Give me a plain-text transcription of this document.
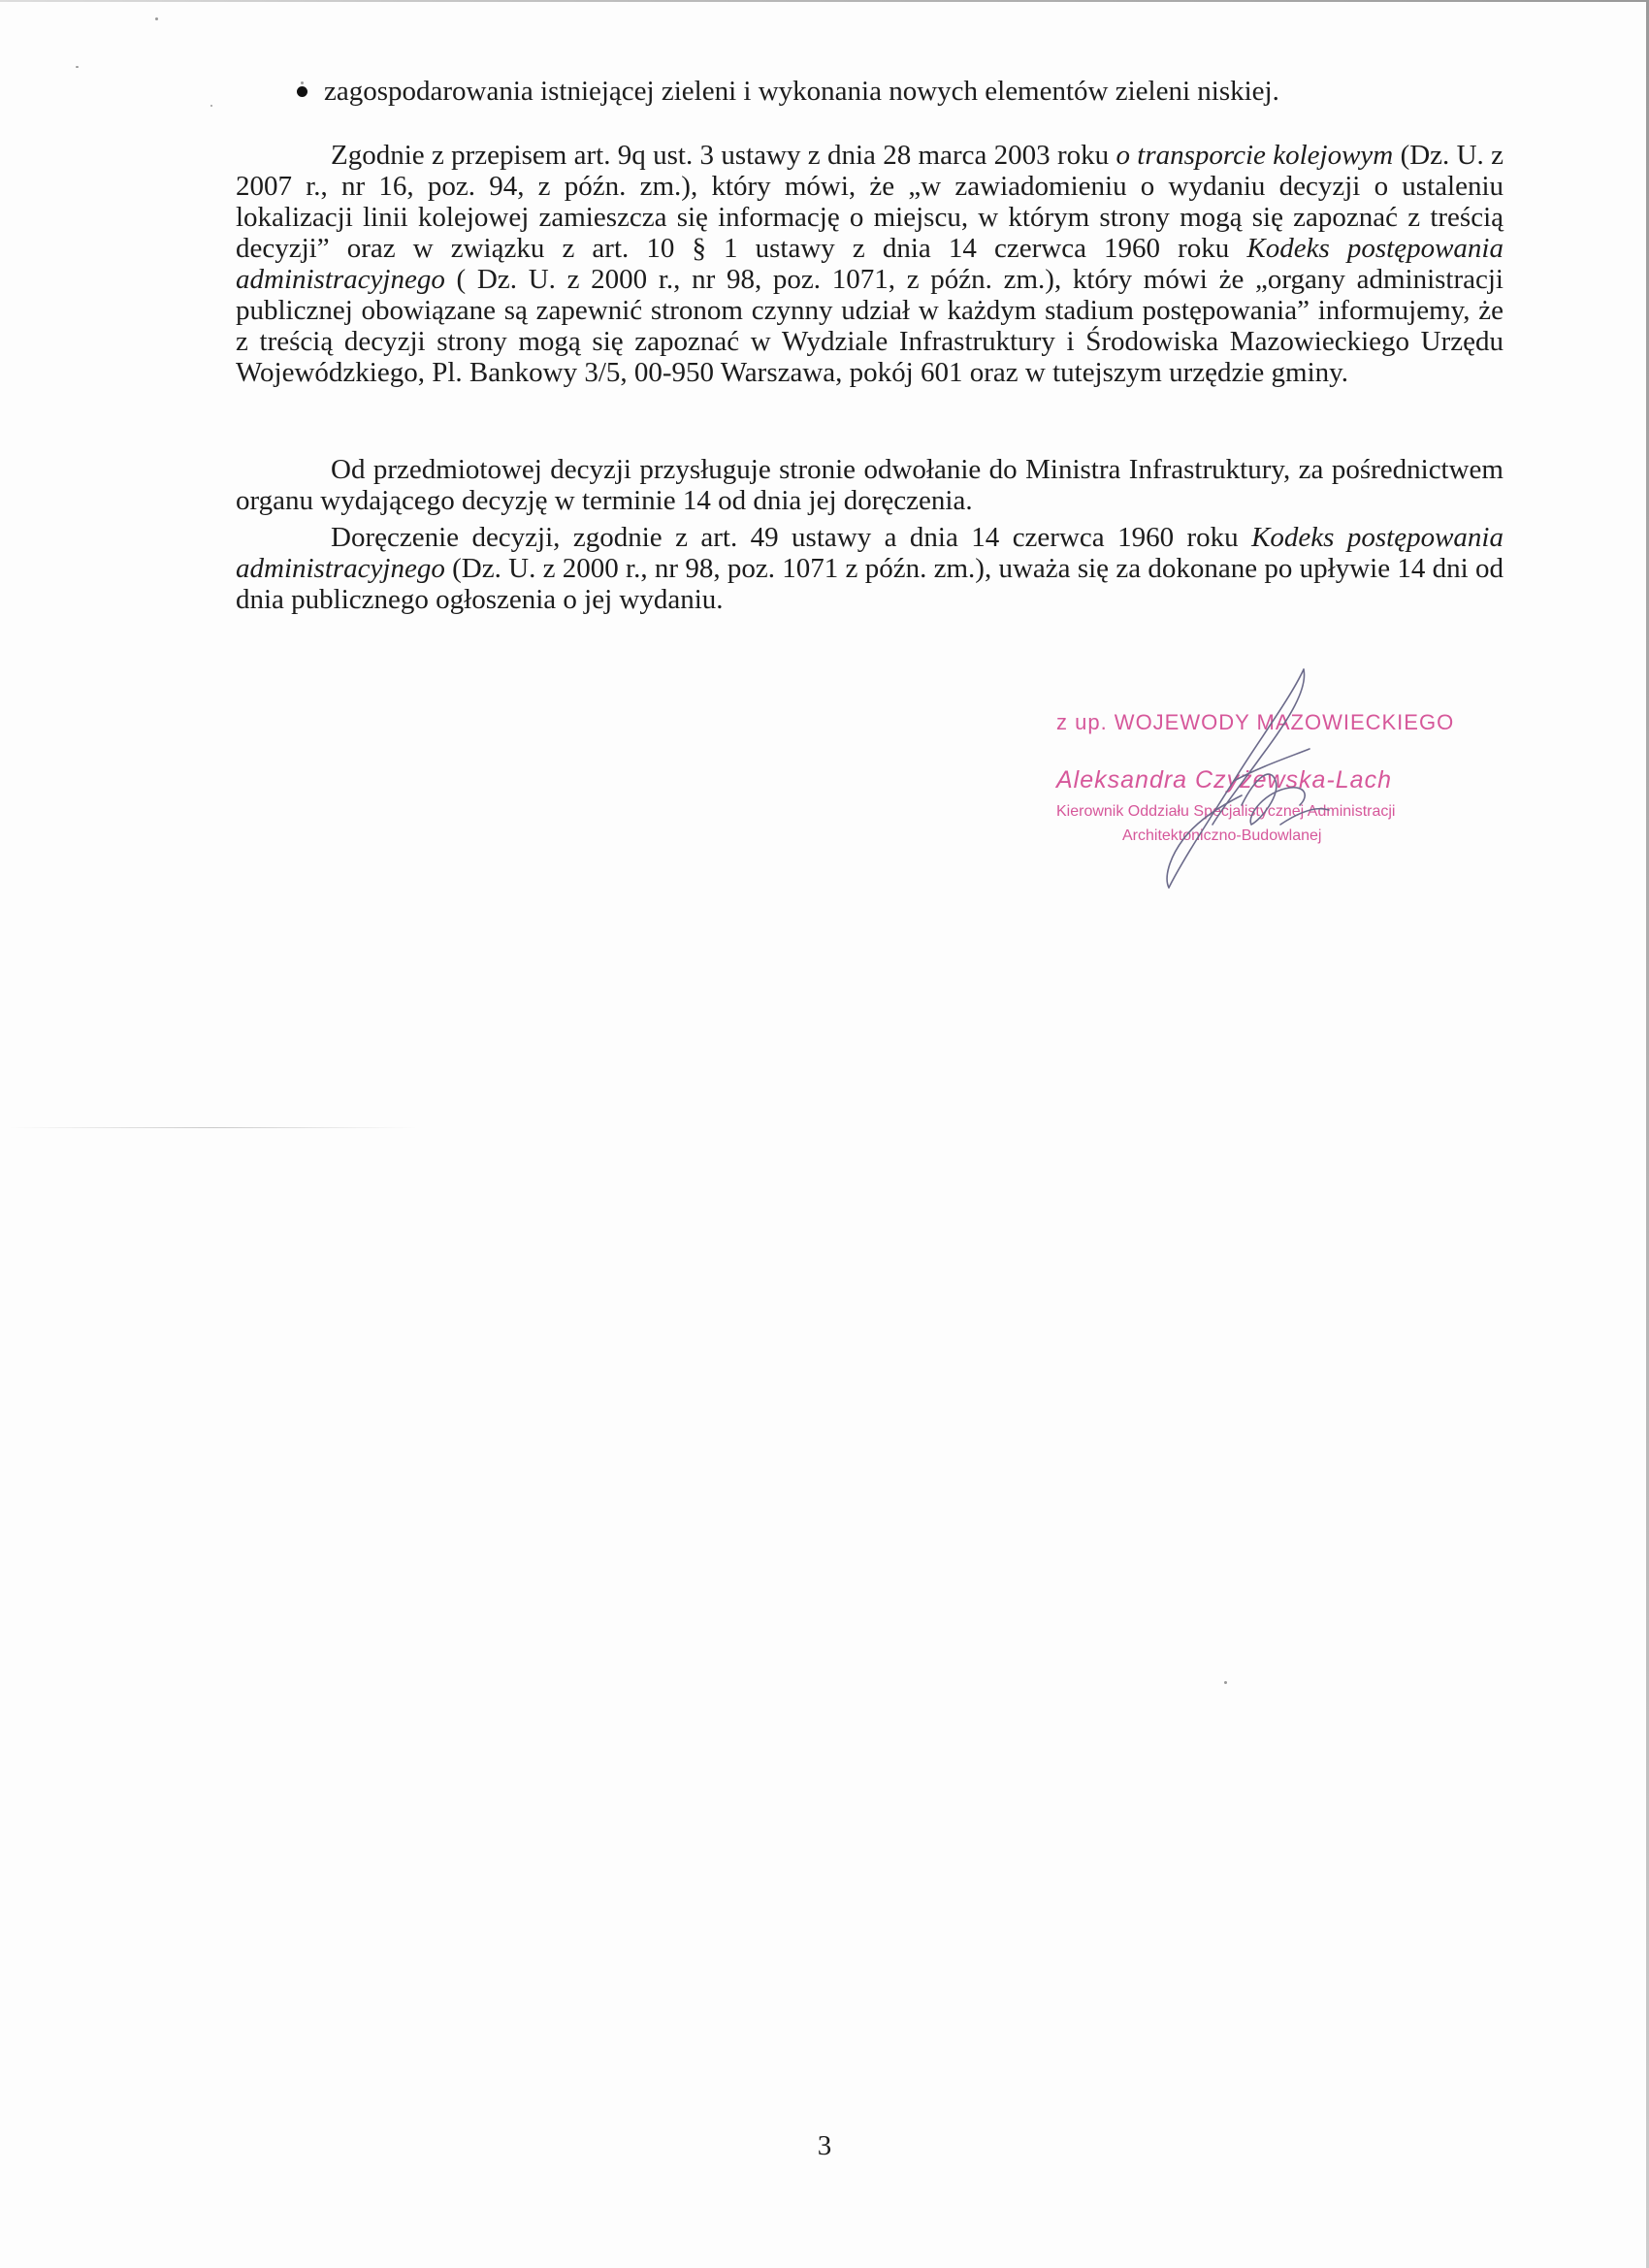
zagospodarowania istniejącej zieleni i wykonania nowych elementów zieleni niskiej.

Zgodnie z przepisem art. 9q ust. 3 ustawy z dnia 28 marca 2003 roku o transporcie kolejowym (Dz. U. z 2007 r., nr 16, poz. 94, z późn. zm.), który mówi, że „w zawiadomieniu o wydaniu decyzji o ustaleniu lokalizacji linii kolejowej zamieszcza się informację o miejscu, w którym strony mogą się zapoznać z treścią decyzji” oraz w związku z art. 10 § 1 ustawy z dnia 14 czerwca 1960 roku Kodeks postępowania administracyjnego ( Dz. U. z 2000 r., nr 98, poz. 1071, z późn. zm.), który mówi że „organy administracji publicznej obowiązane są zapewnić stronom czynny udział w każdym stadium postępowania” informujemy, że z treścią decyzji strony mogą się zapoznać w Wydziale Infrastruktury i Środowiska Mazowieckiego Urzędu Wojewódzkiego, Pl. Bankowy 3/5, 00-950 Warszawa, pokój 601 oraz w tutejszym urzędzie gminy.

Od przedmiotowej decyzji przysługuje stronie odwołanie do Ministra Infrastruktury, za pośrednictwem organu wydającego decyzję w terminie 14 od dnia jej doręczenia.

Doręczenie decyzji, zgodnie z art. 49 ustawy a dnia 14 czerwca 1960 roku Kodeks postępowania administracyjnego (Dz. U. z 2000 r., nr 98, poz. 1071 z późn. zm.), uważa się za dokonane po upływie 14 dni od dnia publicznego ogłoszenia o jej wydaniu.

z up. WOJEWODY MAZOWIECKIEGO
Aleksandra Czyżewska-Lach
Kierownik Oddziału Specjalistycznej Administracji
Architektoniczno-Budowlanej
3
